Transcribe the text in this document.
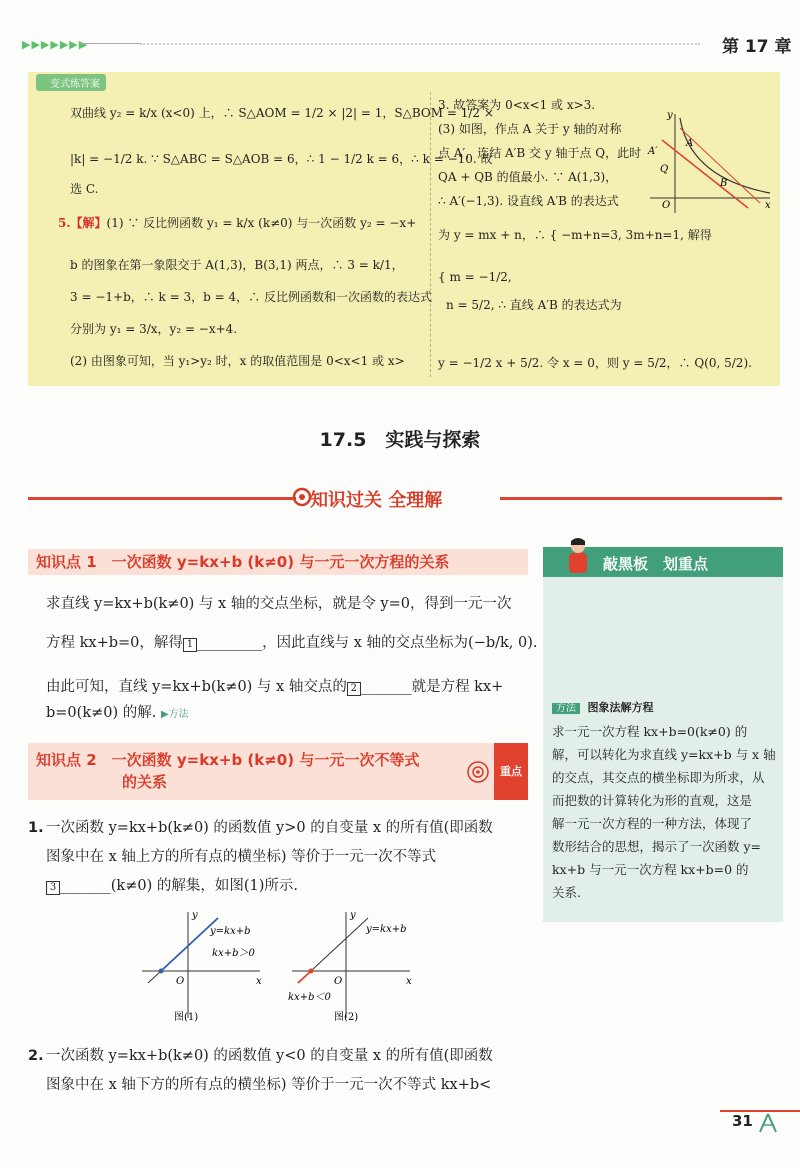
▶▶▶▶▶▶▶	第 17 章
变式练答案
双曲线 y₂ = k/x (x<0) 上，∴ S△AOM = 1/2 × |2| = 1，S△BOM = 1/2 ×
|k| = −1/2 k. ∵ S△ABC = S△AOB = 6，∴ 1 − 1/2 k = 6，∴ k = −10. 故
选 C.
5.【解】(1) ∵ 反比例函数 y₁ = k/x (k≠0) 与一次函数 y₂ = −x+
b 的图象在第一象限交于 A(1,3)，B(3,1) 两点，∴ 3 = k/1，
3 = −1+b，∴ k = 3，b = 4，∴ 反比例函数和一次函数的表达式
分别为 y₁ = 3/x，y₂ = −x+4.
(2) 由图象可知，当 y₁>y₂ 时，x 的取值范围是 0<x<1 或 x>
3. 故答案为 0<x<1 或 x>3.
(3) 如图，作点 A 关于 y 轴的对称
点 A′，连结 A′B 交 y 轴于点 Q，此时
QA + QB 的值最小. ∵ A(1,3)，
∴ A′(−1,3). 设直线 A′B 的表达式
为 y = mx + n，∴ { −m+n=3, 3m+n=1, 解得
{ m = −1/2,
n = 5/2, ∴ 直线 A′B 的表达式为
y = −1/2 x + 5/2. 令 x = 0，则 y = 5/2，∴ Q(0, 5/2).
y
x
O
A
A′
Q
B
17.5　实践与探索
知识过关 全理解
知识点 1　一次函数 y=kx+b (k≠0) 与一元一次方程的关系
求直线 y=kx+b(k≠0) 与 x 轴的交点坐标，就是令 y=0，得到一元一次
方程 kx+b=0，解得 1 _________，因此直线与 x 轴的交点坐标为(−b/k, 0).
由此可知，直线 y=kx+b(k≠0) 与 x 轴交点的 2 _______就是方程 kx+
b=0(k≠0) 的解. ▶方法
知识点 2　一次函数 y=kx+b (k≠0) 与一元一次不等式
的关系
重点
1. 一次函数 y=kx+b(k≠0) 的函数值 y>0 的自变量 x 的所有值(即函数
图象中在 x 轴上方的所有点的横坐标) 等价于一元一次不等式
3 _______(k≠0) 的解集，如图(1)所示.
y
x
O
y=kx+b
kx+b＞0
图(1)
y
x
O
y=kx+b
kx+b＜0
图(2)
2. 一次函数 y=kx+b(k≠0) 的函数值 y<0 的自变量 x 的所有值(即函数
图象中在 x 轴下方的所有点的横坐标) 等价于一元一次不等式 kx+b<
敲黑板　划重点
方法 图象法解方程
求一元一次方程 kx+b=0(k≠0) 的
解，可以转化为求直线 y=kx+b 与 x 轴
的交点，其交点的横坐标即为所求，从
而把数的计算转化为形的直观，这是
解一元一次方程的一种方法，体现了
数形结合的思想，揭示了一次函数 y=
kx+b 与一元一次方程 kx+b=0 的
关系.
31
